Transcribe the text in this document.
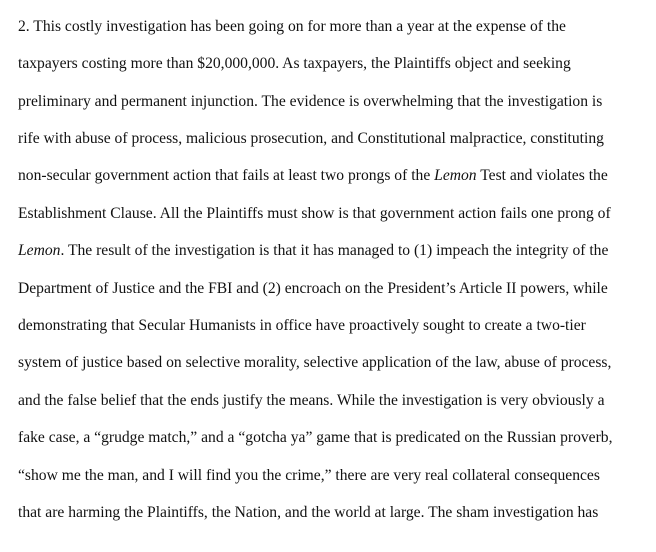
2. This costly investigation has been going on for more than a year at the expense of the
taxpayers costing more than $20,000,000. As taxpayers, the Plaintiffs object and seeking
preliminary and permanent injunction. The evidence is overwhelming that the investigation is
rife with abuse of process, malicious prosecution, and Constitutional malpractice, constituting
non-secular government action that fails at least two prongs of the Lemon Test and violates the
Establishment Clause. All the Plaintiffs must show is that government action fails one prong of
Lemon. The result of the investigation is that it has managed to (1) impeach the integrity of the
Department of Justice and the FBI and (2) encroach on the President’s Article II powers, while
demonstrating that Secular Humanists in office have proactively sought to create a two-tier
system of justice based on selective morality, selective application of the law, abuse of process,
and the false belief that the ends justify the means. While the investigation is very obviously a
fake case, a “grudge match,” and a “gotcha ya” game that is predicated on the Russian proverb,
“show me the man, and I will find you the crime,” there are very real collateral consequences
that are harming the Plaintiffs, the Nation, and the world at large. The sham investigation has
